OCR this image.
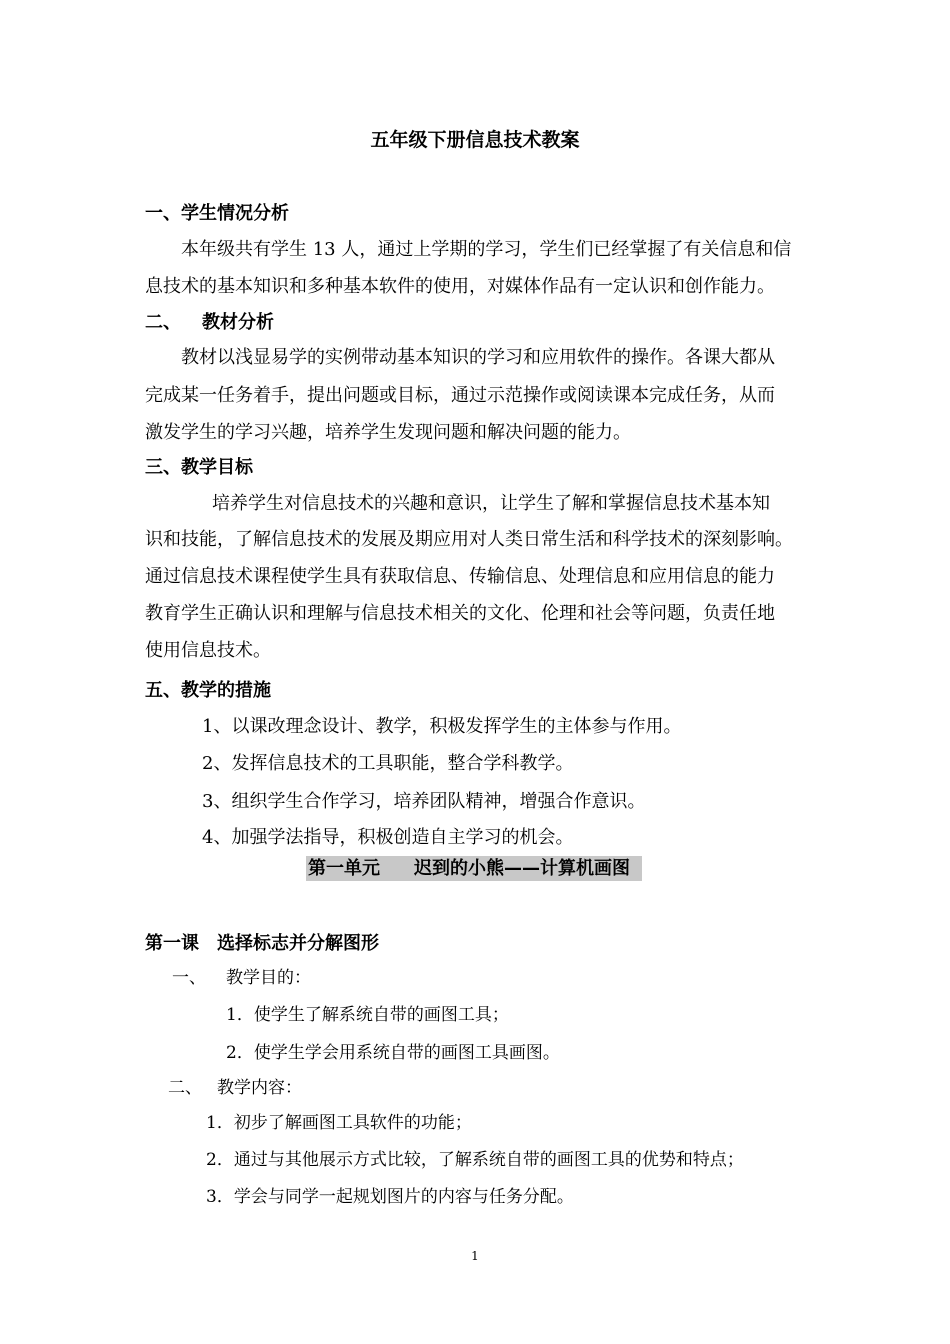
五年级下册信息技术教案
一、学生情况分析
本年级共有学生 13 人，通过上学期的学习，学生们已经掌握了有关信息和信
息技术的基本知识和多种基本软件的使用，对媒体作品有一定认识和创作能力。
二、 教材分析
教材以浅显易学的实例带动基本知识的学习和应用软件的操作。各课大都从
完成某一任务着手，提出问题或目标，通过示范操作或阅读课本完成任务，从而
激发学生的学习兴趣，培养学生发现问题和解决问题的能力。
三、教学目标
培养学生对信息技术的兴趣和意识，让学生了解和掌握信息技术基本知
识和技能，了解信息技术的发展及期应用对人类日常生活和科学技术的深刻影响。
通过信息技术课程使学生具有获取信息、传输信息、处理信息和应用信息的能力
教育学生正确认识和理解与信息技术相关的文化、伦理和社会等问题，负责任地
使用信息技术。
五、教学的措施
1、以课改理念设计、教学，积极发挥学生的主体参与作用。
2、发挥信息技术的工具职能，整合学科教学。
3、组织学生合作学习，培养团队精神，增强合作意识。
4、加强学法指导，积极创造自主学习的机会。
第一单元 迟到的小熊——计算机画图
第一课　选择标志并分解图形
一、 教学目的：
1．使学生了解系统自带的画图工具；
2．使学生学会用系统自带的画图工具画图。
二、 教学内容：
1．初步了解画图工具软件的功能；
2．通过与其他展示方式比较，了解系统自带的画图工具的优势和特点；
3．学会与同学一起规划图片的内容与任务分配。
1
